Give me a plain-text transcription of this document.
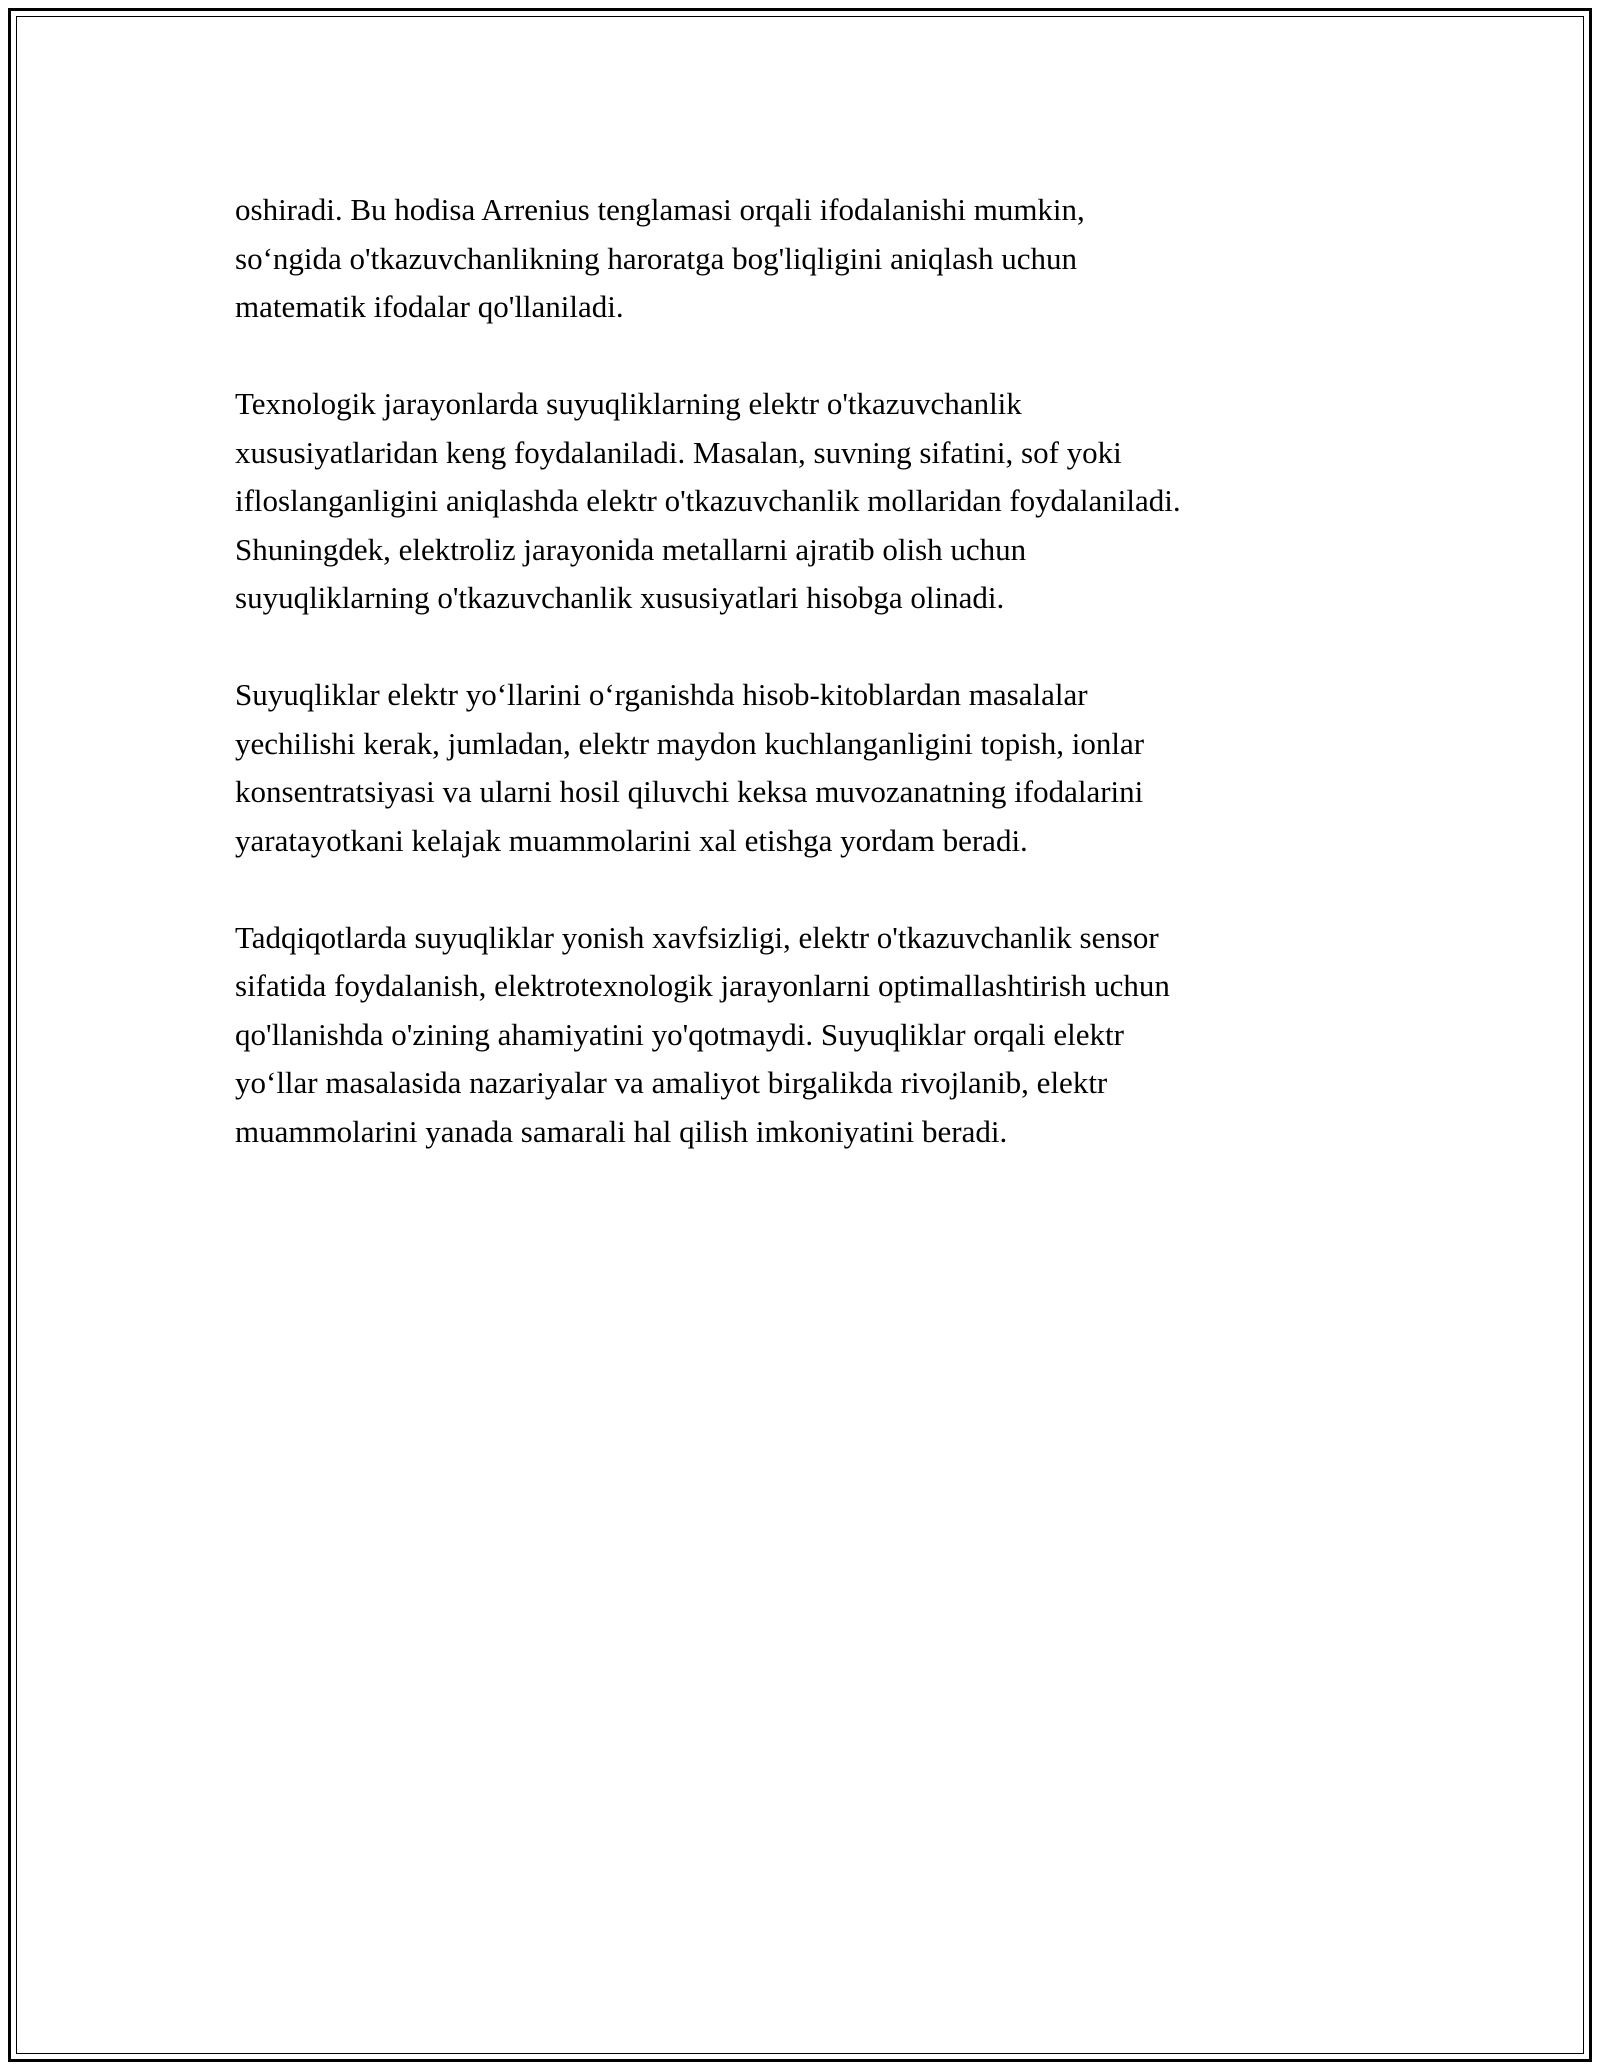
oshiradi. Bu hodisa Arrenius tenglamasi orqali ifodalanishi mumkin,
so‘ngida o'tkazuvchanlikning haroratga bog'liqligini aniqlash uchun
matematik ifodalar qo'llaniladi.

Texnologik jarayonlarda suyuqliklarning elektr o'tkazuvchanlik
xususiyatlaridan keng foydalaniladi. Masalan, suvning sifatini, sof yoki
ifloslanganligini aniqlashda elektr o'tkazuvchanlik mollaridan foydalaniladi.
Shuningdek, elektroliz jarayonida metallarni ajratib olish uchun
suyuqliklarning o'tkazuvchanlik xususiyatlari hisobga olinadi.

Suyuqliklar elektr yo‘llarini o‘rganishda hisob-kitoblardan masalalar
yechilishi kerak, jumladan, elektr maydon kuchlanganligini topish, ionlar
konsentratsiyasi va ularni hosil qiluvchi keksa muvozanatning ifodalarini
yaratayotkani kelajak muammolarini xal etishga yordam beradi.

Tadqiqotlarda suyuqliklar yonish xavfsizligi, elektr o'tkazuvchanlik sensor
sifatida foydalanish, elektrotexnologik jarayonlarni optimallashtirish uchun
qo'llanishda o'zining ahamiyatini yo'qotmaydi. Suyuqliklar orqali elektr
yo‘llar masalasida nazariyalar va amaliyot birgalikda rivojlanib, elektr
muammolarini yanada samarali hal qilish imkoniyatini beradi.
